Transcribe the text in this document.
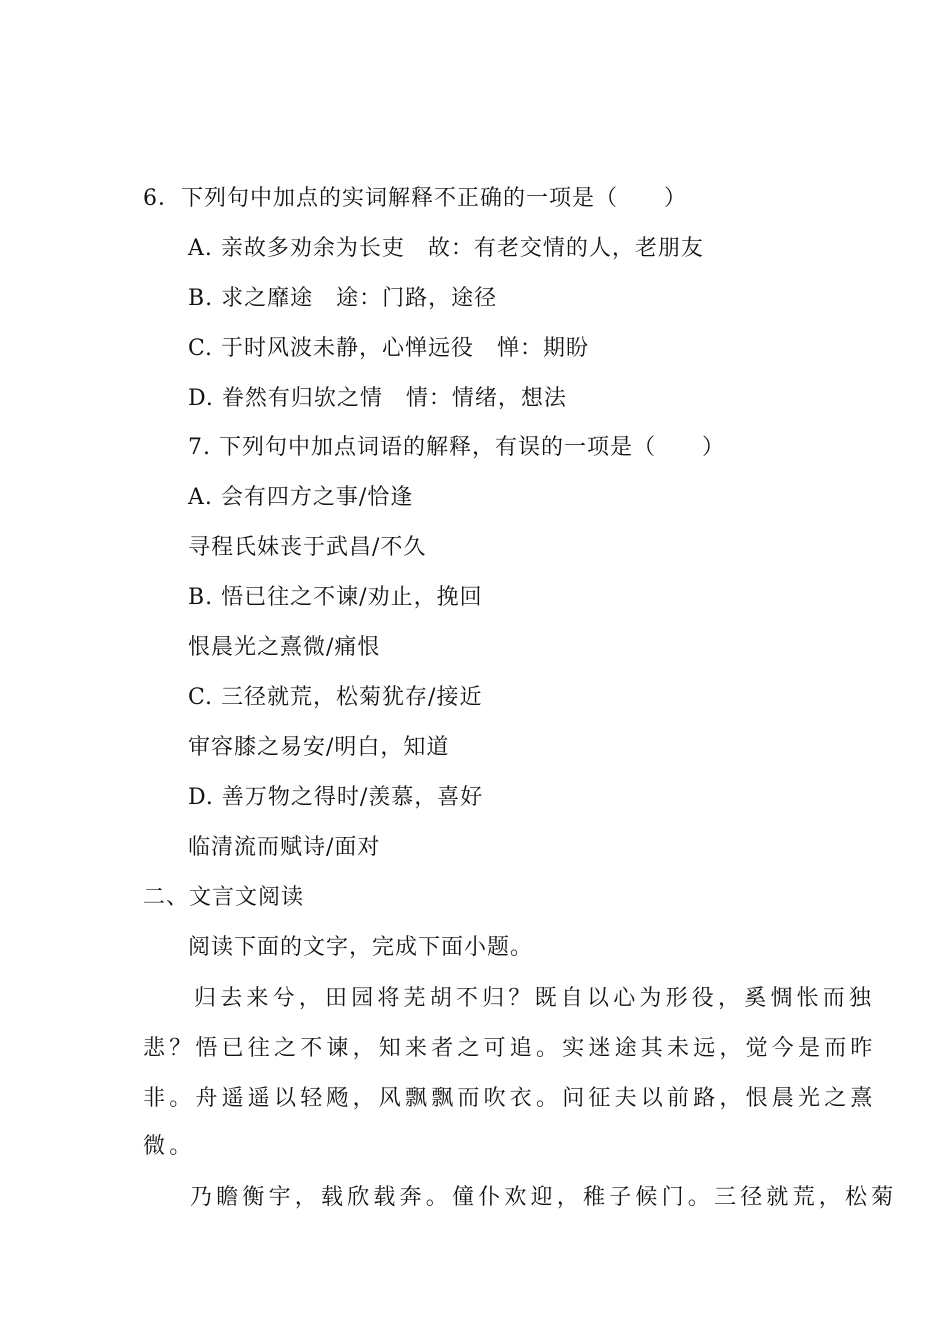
6．下列句中加点的实词解释不正确的一项是（　　）
A. 亲故多劝余为长吏　故：有老交情的人，老朋友
B. 求之靡途　途：门路，途径
C. 于时风波未静，心惮远役　惮：期盼
D. 眷然有归欤之情　情：情绪，想法
7. 下列句中加点词语的解释，有误的一项是（　　）
A. 会有四方之事/恰逢
寻程氏妹丧于武昌/不久
B. 悟已往之不谏/劝止，挽回
恨晨光之熹微/痛恨
C. 三径就荒，松菊犹存/接近
审容膝之易安/明白，知道
D. 善万物之得时/羡慕，喜好
临清流而赋诗/面对
二、文言文阅读
阅读下面的文字，完成下面小题。
归去来兮，田园将芜胡不归？既自以心为形役，奚惆怅而独
悲？悟已往之不谏，知来者之可追。实迷途其未远，觉今是而昨
非。舟遥遥以轻飏，风飘飘而吹衣。问征夫以前路，恨晨光之熹
微。
乃瞻衡宇，载欣载奔。僮仆欢迎，稚子候门。三径就荒，松菊
